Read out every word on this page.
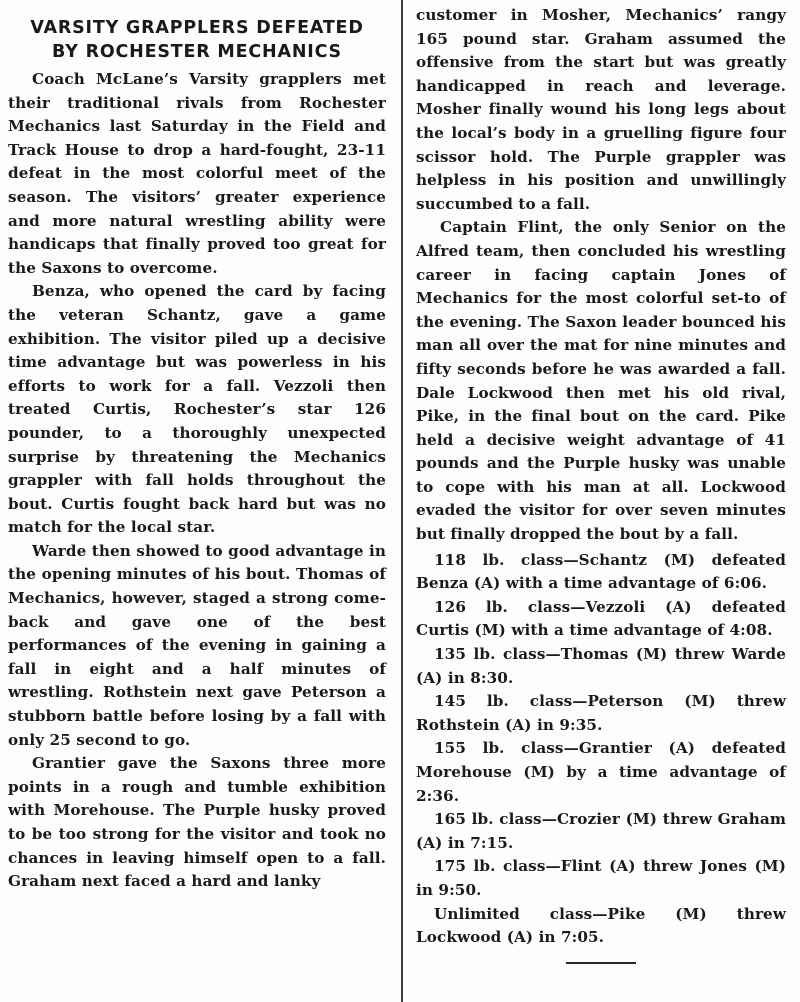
VARSITY GRAPPLERS DEFEATED
BY ROCHESTER MECHANICS

Coach McLane’s Varsity grapplers met their traditional rivals from Rochester Mechanics last Saturday in the Field and Track House to drop a hard-fought, 23-11 defeat in the most colorful meet of the season. The visitors’ greater experience and more natural wrestling ability were handicaps that finally proved too great for the Saxons to overcome.

Benza, who opened the card by facing the veteran Schantz, gave a game exhibition. The visitor piled up a decisive time advantage but was powerless in his efforts to work for a fall. Vezzoli then treated Curtis, Rochester’s star 126 pounder, to a thoroughly unexpected surprise by threatening the Mechanics grappler with fall holds throughout the bout. Curtis fought back hard but was no match for the local star.

Warde then showed to good advantage in the opening minutes of his bout. Thomas of Mechanics, however, staged a strong come-back and gave one of the best performances of the evening in gaining a fall in eight and a half minutes of wrestling. Rothstein next gave Peterson a stubborn battle before losing by a fall with only 25 second to go.

Grantier gave the Saxons three more points in a rough and tumble exhibition with Morehouse. The Purple husky proved to be too strong for the visitor and took no chances in leaving himself open to a fall. Graham next faced a hard and lanky

customer in Mosher, Mechanics’ rangy 165 pound star. Graham assumed the offensive from the start but was greatly handicapped in reach and leverage. Mosher finally wound his long legs about the local’s body in a gruelling figure four scissor hold. The Purple grappler was helpless in his position and unwillingly succumbed to a fall.

Captain Flint, the only Senior on the Alfred team, then concluded his wrestling career in facing captain Jones of Mechanics for the most colorful set-to of the evening. The Saxon leader bounced his man all over the mat for nine minutes and fifty seconds before he was awarded a fall. Dale Lockwood then met his old rival, Pike, in the final bout on the card. Pike held a decisive weight advantage of 41 pounds and the Purple husky was unable to cope with his man at all. Lockwood evaded the visitor for over seven minutes but finally dropped the bout by a fall.

118 lb. class—Schantz (M) defeated Benza (A) with a time advantage of 6:06.

126 lb. class—Vezzoli (A) defeated Curtis (M) with a time advantage of 4:08.

135 lb. class—Thomas (M) threw Warde (A) in 8:30.

145 lb. class—Peterson (M) threw Rothstein (A) in 9:35.

155 lb. class—Grantier (A) defeated Morehouse (M) by a time advantage of 2:36.

165 lb. class—Crozier (M) threw Graham (A) in 7:15.

175 lb. class—Flint (A) threw Jones (M) in 9:50.

Unlimited class—Pike (M) threw Lockwood (A) in 7:05.
